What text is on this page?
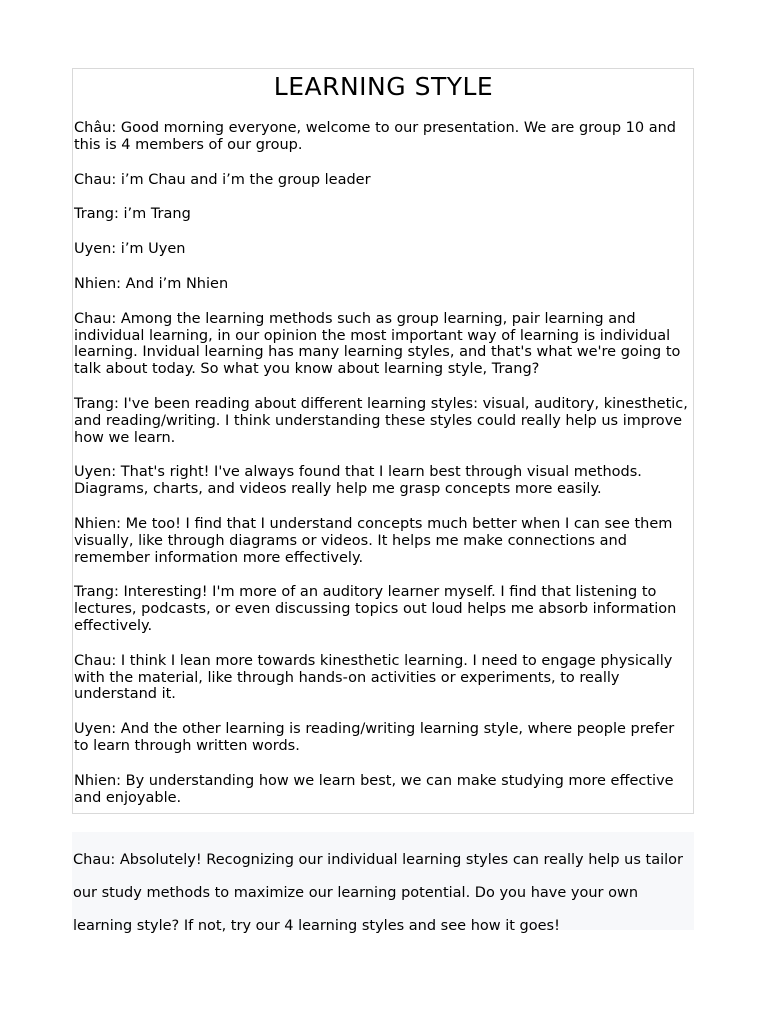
LEARNING STYLE

Châu: Good morning everyone, welcome to our presentation. We are group 10 and this is 4 members of our group.

Chau: i’m Chau and i’m the group leader

Trang: i’m Trang

Uyen: i’m Uyen

Nhien: And i’m Nhien

Chau: Among the learning methods such as group learning, pair learning and individual learning, in our opinion the most important way of learning is individual learning. Invidual learning has many learning styles, and that's what we're going to talk about today. So what you know about learning style, Trang?

Trang: I've been reading about different learning styles: visual, auditory, kinesthetic, and reading/writing. I think understanding these styles could really help us improve how we learn.

Uyen: That's right! I've always found that I learn best through visual methods. Diagrams, charts, and videos really help me grasp concepts more easily.

Nhien: Me too! I find that I understand concepts much better when I can see them visually, like through diagrams or videos. It helps me make connections and remember information more effectively.

Trang: Interesting! I'm more of an auditory learner myself. I find that listening to lectures, podcasts, or even discussing topics out loud helps me absorb information effectively.

Chau: I think I lean more towards kinesthetic learning. I need to engage physically with the material, like through hands-on activities or experiments, to really understand it.

Uyen: And the other learning is reading/writing learning style, where people prefer to learn through written words.

Nhien: By understanding how we learn best, we can make studying more effective and enjoyable.

Chau: Absolutely! Recognizing our individual learning styles can really help us tailor our study methods to maximize our learning potential. Do you have your own learning style? If not, try our 4 learning styles and see how it goes!
